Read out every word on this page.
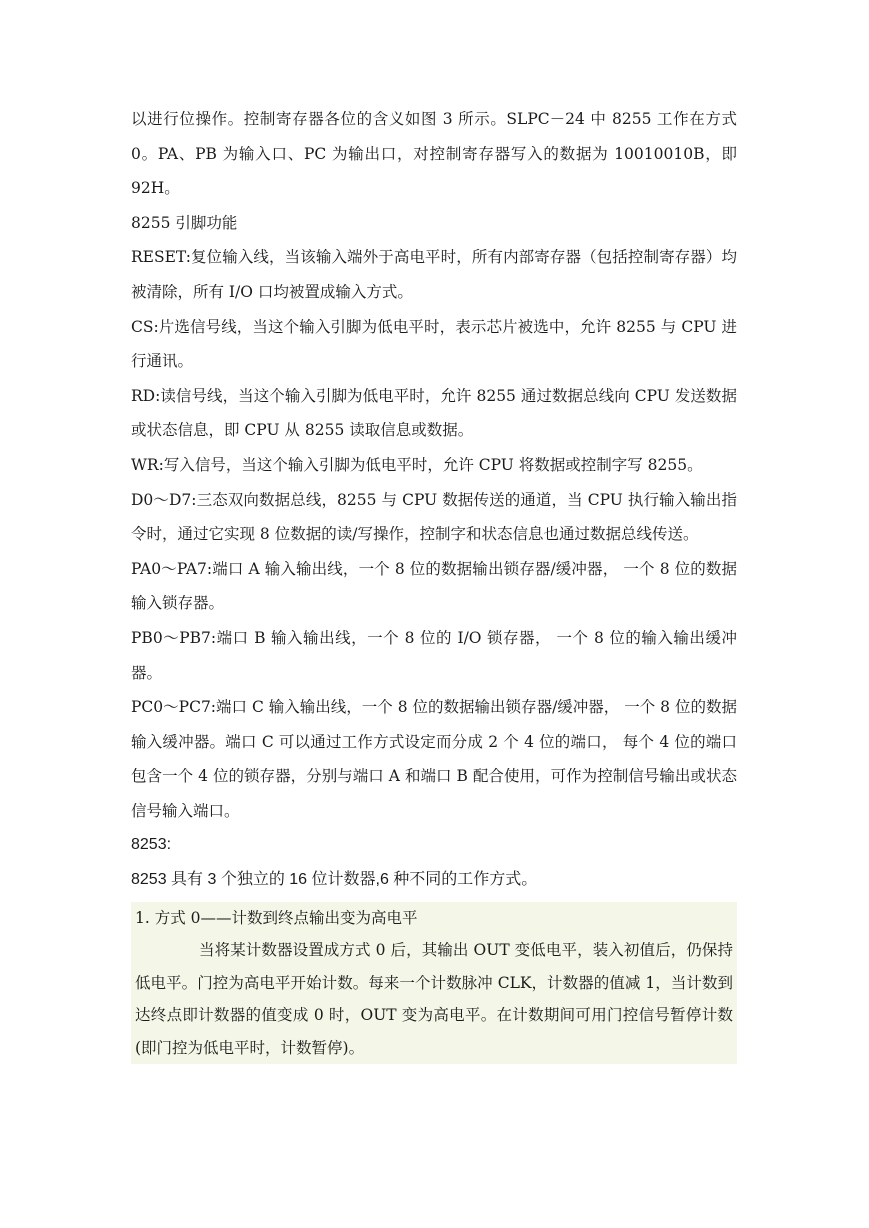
以进行位操作。控制寄存器各位的含义如图 3 所示。SLPC－24 中 8255 工作在方式 0。PA、PB 为输入口、PC 为输出口，对控制寄存器写入的数据为 10010010B，即 92H。

8255 引脚功能

RESET:复位输入线，当该输入端外于高电平时，所有内部寄存器（包括控制寄存器）均被清除，所有 I/O 口均被置成输入方式。

CS:片选信号线，当这个输入引脚为低电平时，表示芯片被选中，允许 8255 与 CPU 进行通讯。

RD:读信号线，当这个输入引脚为低电平时，允许 8255 通过数据总线向 CPU 发送数据或状态信息，即 CPU 从 8255 读取信息或数据。

WR:写入信号，当这个输入引脚为低电平时，允许 CPU 将数据或控制字写 8255。

D0～D7:三态双向数据总线，8255 与 CPU 数据传送的通道，当 CPU 执行输入输出指令时，通过它实现 8 位数据的读/写操作，控制字和状态信息也通过数据总线传送。

PA0～PA7:端口 A 输入输出线，一个 8 位的数据输出锁存器/缓冲器， 一个 8 位的数据输入锁存器。

PB0～PB7:端口 B 输入输出线，一个 8 位的 I/O 锁存器， 一个 8 位的输入输出缓冲器。

PC0～PC7:端口 C 输入输出线，一个 8 位的数据输出锁存器/缓冲器， 一个 8 位的数据输入缓冲器。端口 C 可以通过工作方式设定而分成 2 个 4 位的端口， 每个 4 位的端口包含一个 4 位的锁存器，分别与端口 A 和端口 B 配合使用，可作为控制信号输出或状态信号输入端口。

8253:

8253 具有 3 个独立的 16 位计数器,6 种不同的工作方式。

1. 方式 0——计数到终点输出变为高电平

当将某计数器设置成方式 0 后，其输出 OUT 变低电平，装入初值后，仍保持低电平。门控为高电平开始计数。每来一个计数脉冲 CLK，计数器的值减 1，当计数到达终点即计数器的值变成 0 时，OUT 变为高电平。在计数期间可用门控信号暂停计数(即门控为低电平时，计数暂停)。
